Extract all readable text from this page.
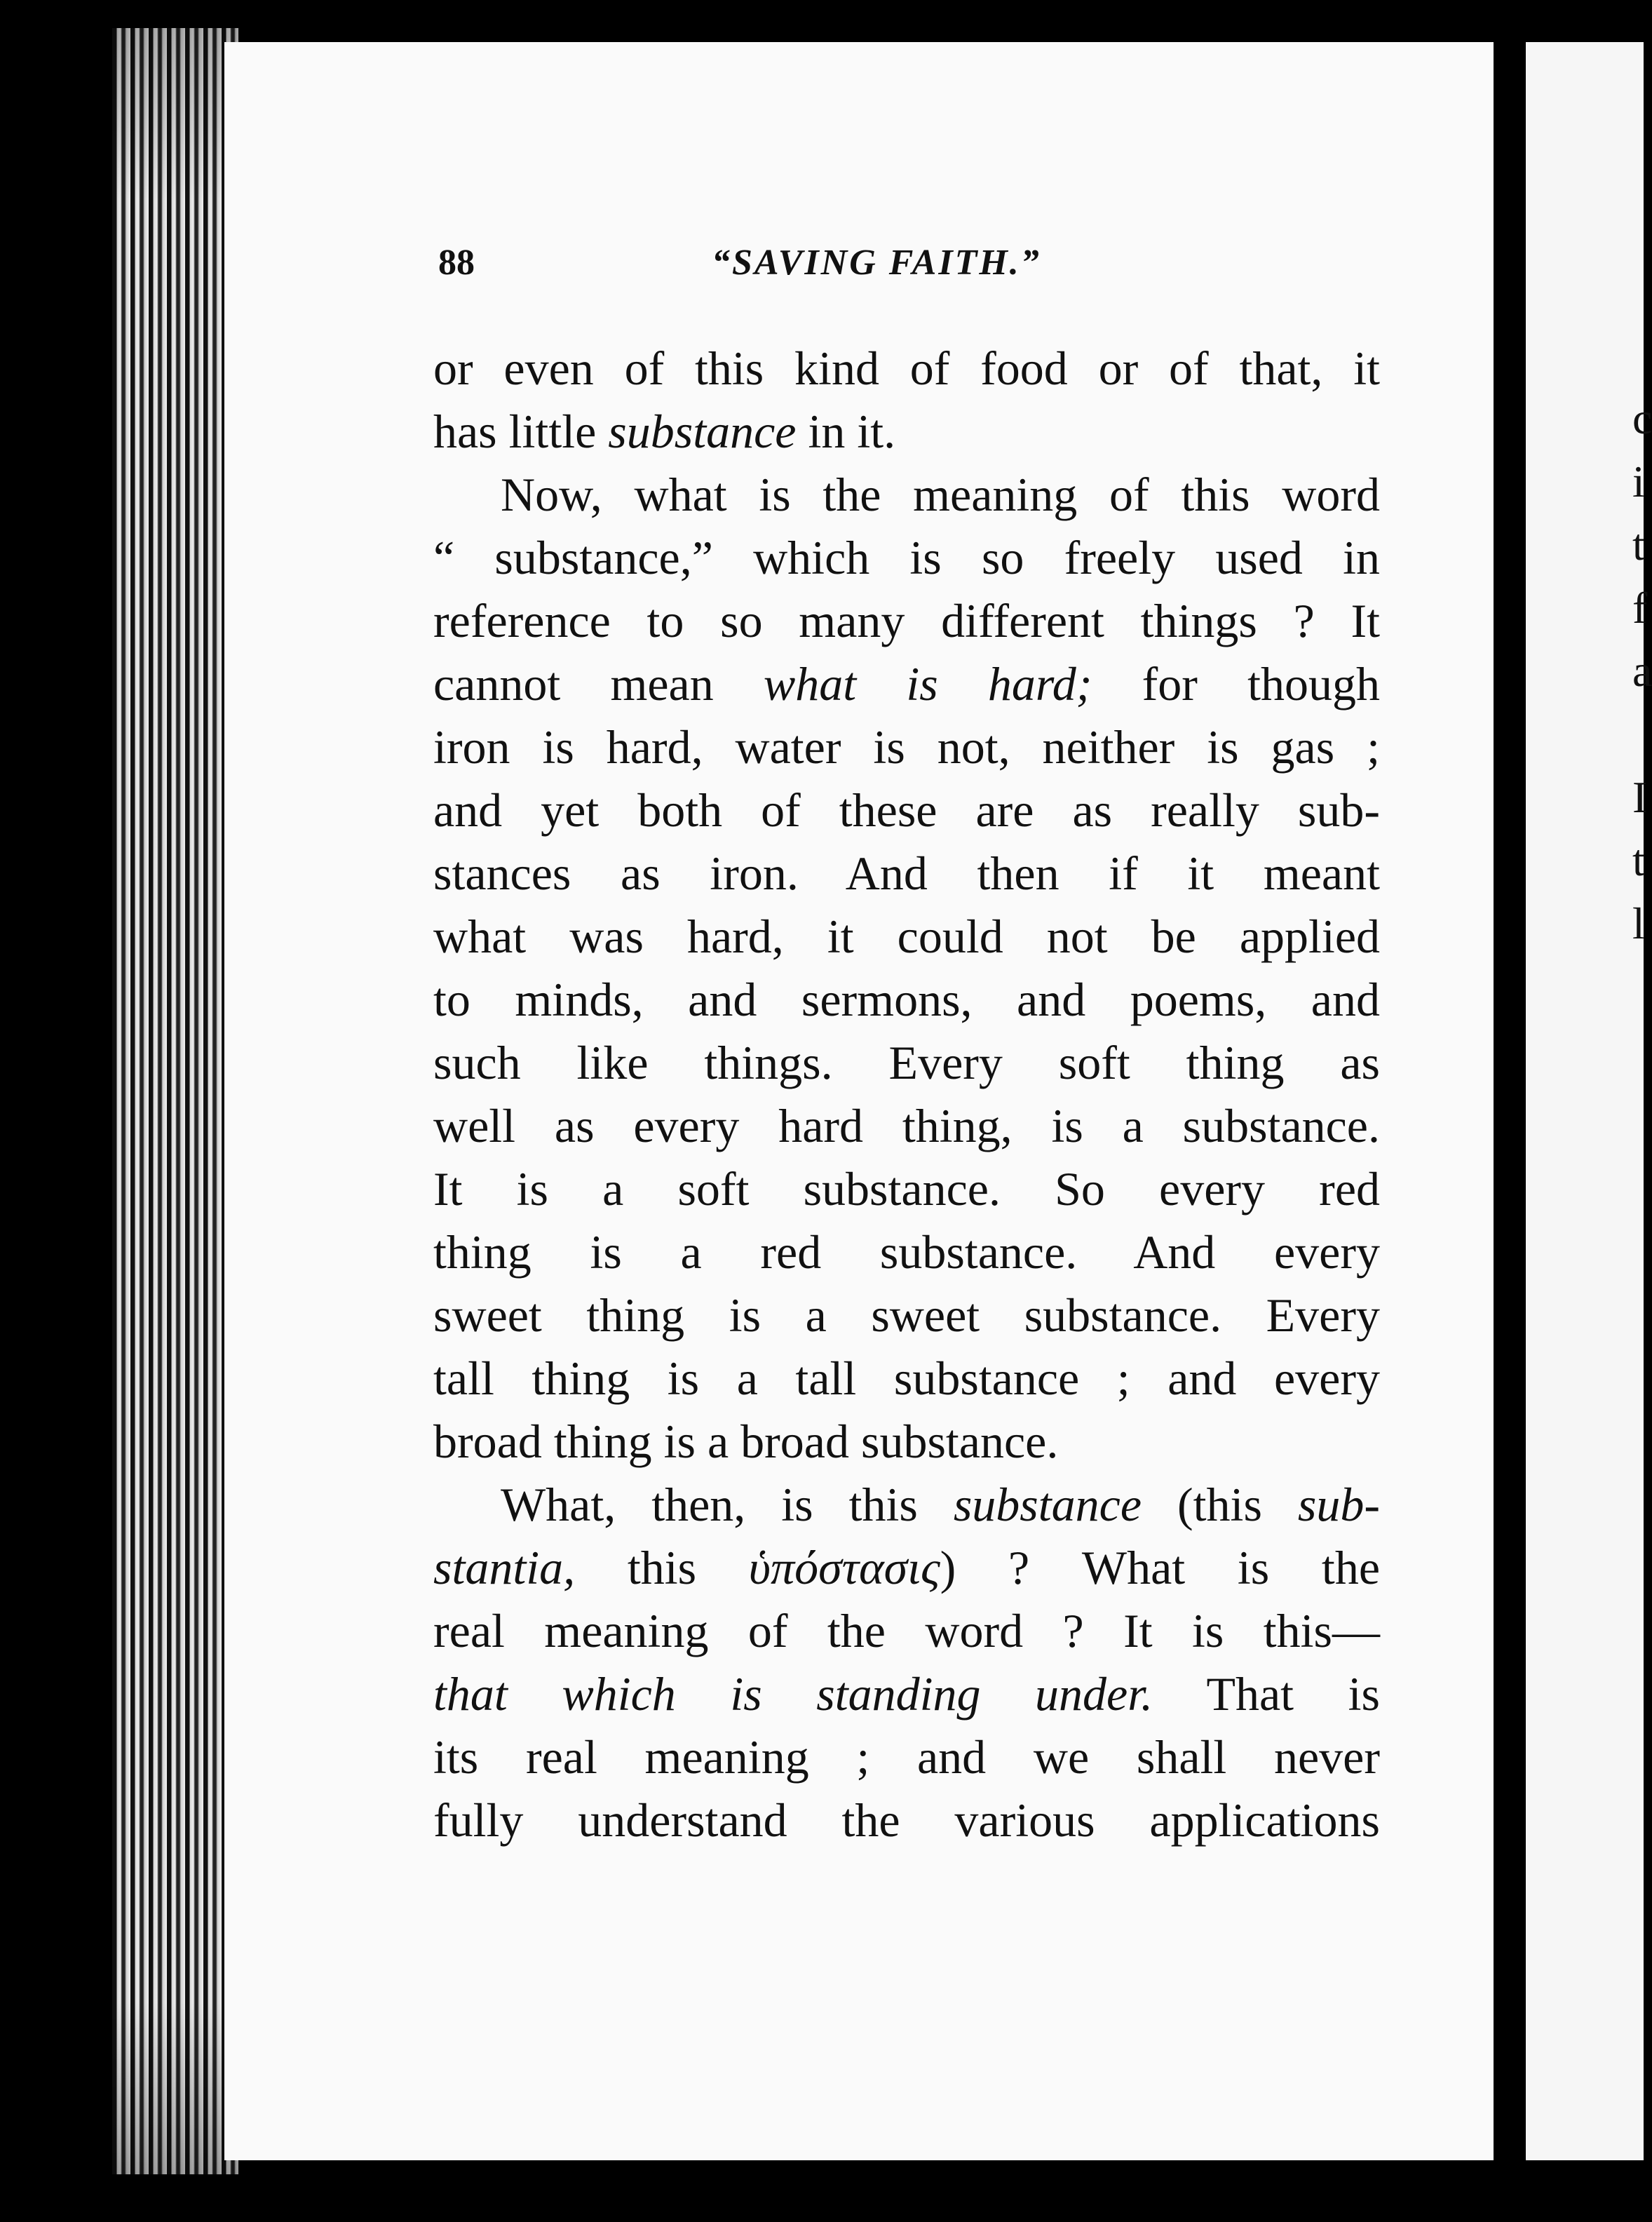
c
i
t
f
a
I
t
l
88	“SAVING FAITH.”
or even of this kind of food or of that, it
has little substance in it.
Now, what is the meaning of this word
“ substance,” which is so freely used in
reference to so many different things ? It
cannot mean what is hard; for though
iron is hard, water is not, neither is gas ;
and yet both of these are as really sub-
stances as iron. And then if it meant
what was hard, it could not be applied
to minds, and sermons, and poems, and
such like things. Every soft thing as
well as every hard thing, is a substance.
It is a soft substance. So every red
thing is a red substance. And every
sweet thing is a sweet substance. Every
tall thing is a tall substance ; and every
broad thing is a broad substance.
What, then, is this substance (this sub-
stantia, this ὑπόστασις) ? What is the
real meaning of the word ? It is this—
that which is standing under. That is
its real meaning ; and we shall never
fully understand the various applications
